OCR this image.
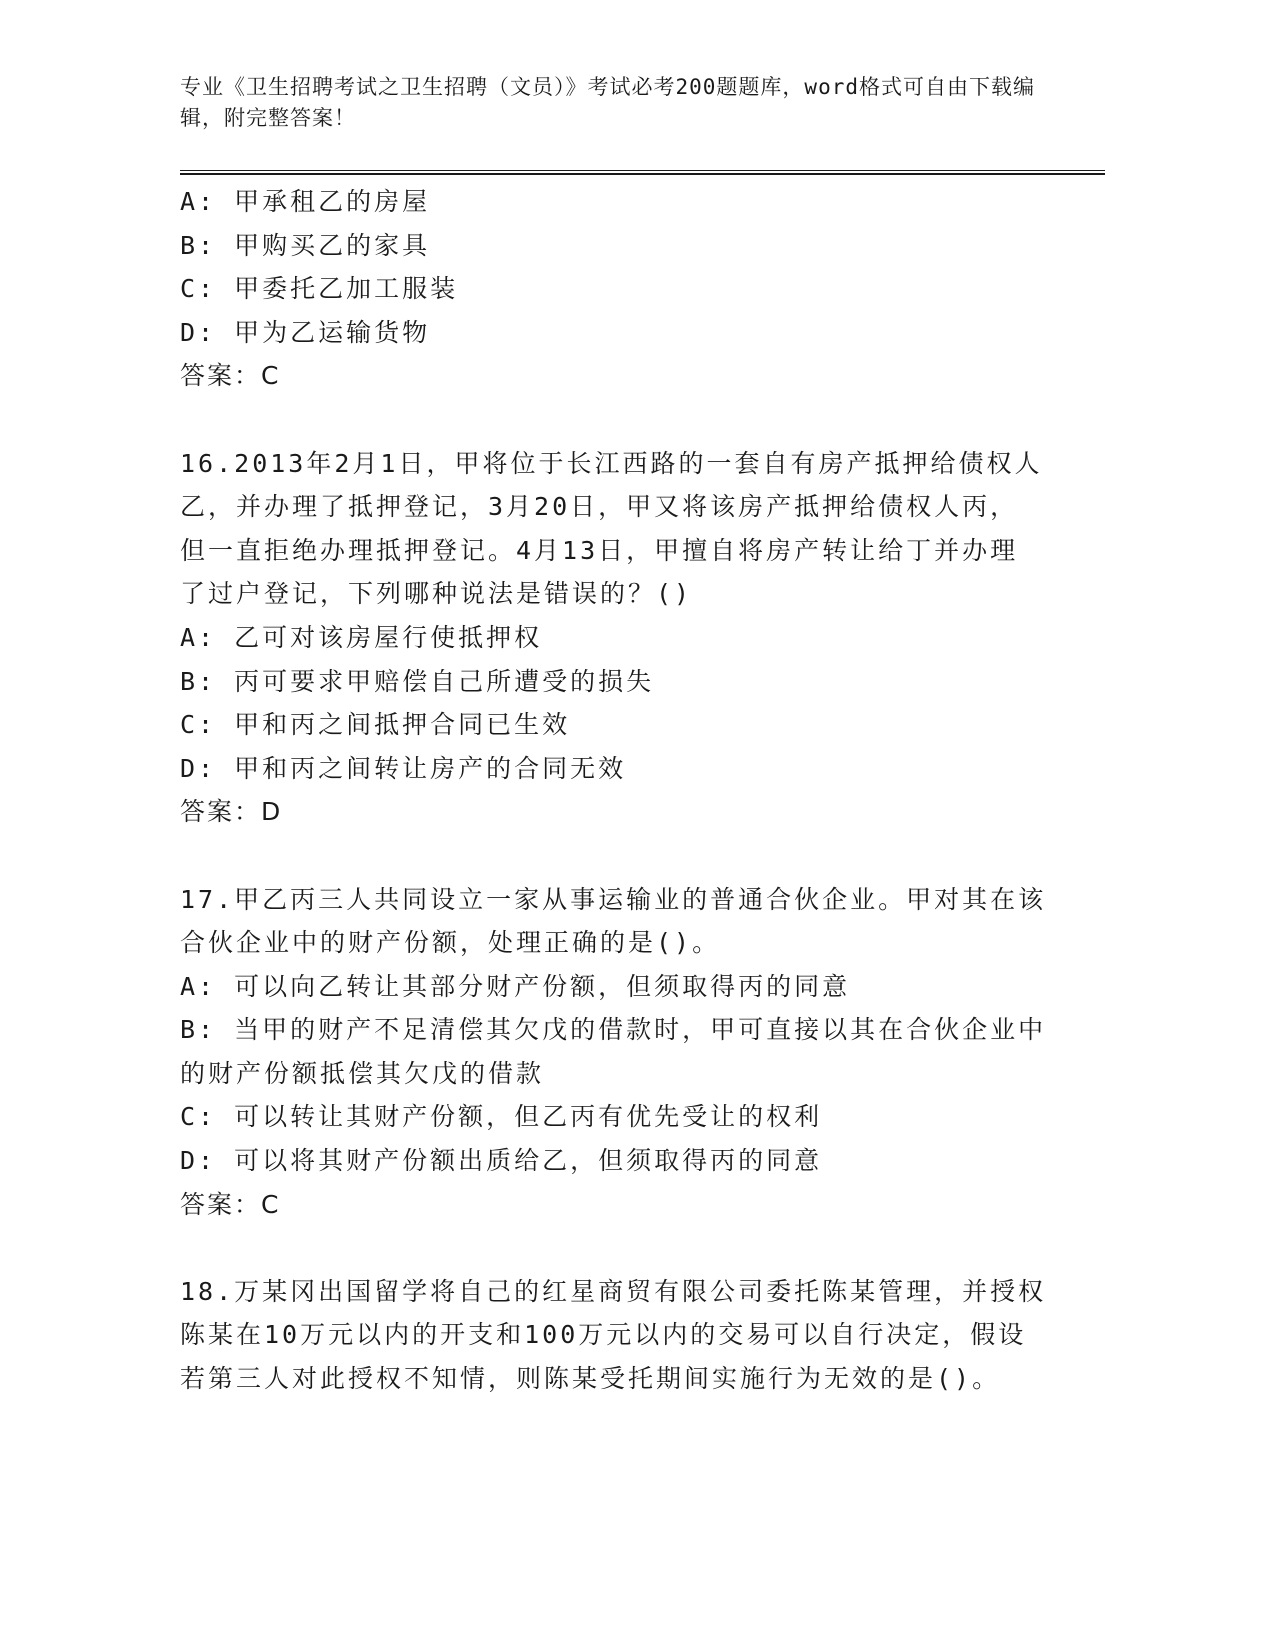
专业《卫生招聘考试之卫生招聘（文员）》考试必考200题题库，word格式可自由下载编辑，附完整答案！
A: 甲承租乙的房屋
B: 甲购买乙的家具
C: 甲委托乙加工服装
D: 甲为乙运输货物
答案：C
16.2013年2月1日，甲将位于长江西路的一套自有房产抵押给债权人
乙，并办理了抵押登记，3月20日，甲又将该房产抵押给债权人丙，
但一直拒绝办理抵押登记。4月13日，甲擅自将房产转让给丁并办理
了过户登记，下列哪种说法是错误的？()
A: 乙可对该房屋行使抵押权
B: 丙可要求甲赔偿自己所遭受的损失
C: 甲和丙之间抵押合同已生效
D: 甲和丙之间转让房产的合同无效
答案：D
17.甲乙丙三人共同设立一家从事运输业的普通合伙企业。甲对其在该
合伙企业中的财产份额，处理正确的是()。
A: 可以向乙转让其部分财产份额，但须取得丙的同意
B: 当甲的财产不足清偿其欠戊的借款时，甲可直接以其在合伙企业中
的财产份额抵偿其欠戊的借款
C: 可以转让其财产份额，但乙丙有优先受让的权利
D: 可以将其财产份额出质给乙，但须取得丙的同意
答案：C
18.万某冈出国留学将自己的红星商贸有限公司委托陈某管理，并授权
陈某在10万元以内的开支和100万元以内的交易可以自行决定，假设
若第三人对此授权不知情，则陈某受托期间实施行为无效的是()。
